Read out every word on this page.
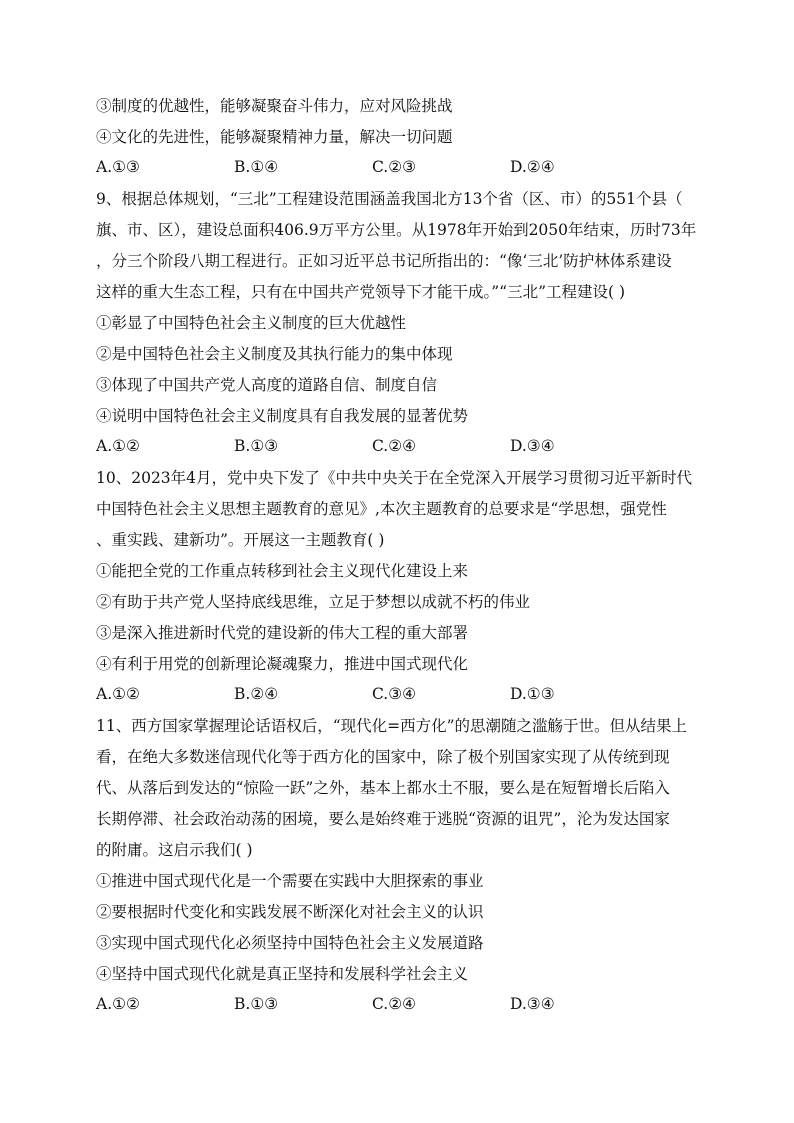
③制度的优越性，能够凝聚奋斗伟力，应对风险挑战
④文化的先进性，能够凝聚精神力量，解决一切问题
A.①③	B.①④	C.②③	D.②④
9、根据总体规划，“三北”工程建设范围涵盖我国北方13个省（区、市）的551个县（
旗、市、区），建设总面积406.9万平方公里。从1978年开始到2050年结束，历时73年
，分三个阶段八期工程进行。正如习近平总书记所指出的：“像‘三北’防护林体系建设
这样的重大生态工程，只有在中国共产党领导下才能干成。”“三北”工程建设( )
①彰显了中国特色社会主义制度的巨大优越性
②是中国特色社会主义制度及其执行能力的集中体现
③体现了中国共产党人高度的道路自信、制度自信
④说明中国特色社会主义制度具有自我发展的显著优势
A.①②	B.①③	C.②④	D.③④
10、2023年4月，党中央下发了《中共中央关于在全党深入开展学习贯彻习近平新时代
中国特色社会主义思想主题教育的意见》,本次主题教育的总要求是“学思想，强党性
、重实践、建新功”。开展这一主题教育( )
①能把全党的工作重点转移到社会主义现代化建设上来
②有助于共产党人坚持底线思维，立足于梦想以成就不朽的伟业
③是深入推进新时代党的建设新的伟大工程的重大部署
④有利于用党的创新理论凝魂聚力，推进中国式现代化
A.①②	B.②④	C.③④	D.①③
11、西方国家掌握理论话语权后，“现代化=西方化”的思潮随之滥觞于世。但从结果上
看，在绝大多数迷信现代化等于西方化的国家中，除了极个别国家实现了从传统到现
代、从落后到发达的“惊险一跃”之外，基本上都水土不服，要么是在短暂增长后陷入
长期停滞、社会政治动荡的困境，要么是始终难于逃脱“资源的诅咒”，沦为发达国家
的附庸。这启示我们( )
①推进中国式现代化是一个需要在实践中大胆探索的事业
②要根据时代变化和实践发展不断深化对社会主义的认识
③实现中国式现代化必须坚持中国特色社会主义发展道路
④坚持中国式现代化就是真正坚持和发展科学社会主义
A.①②	B.①③	C.②④	D.③④
